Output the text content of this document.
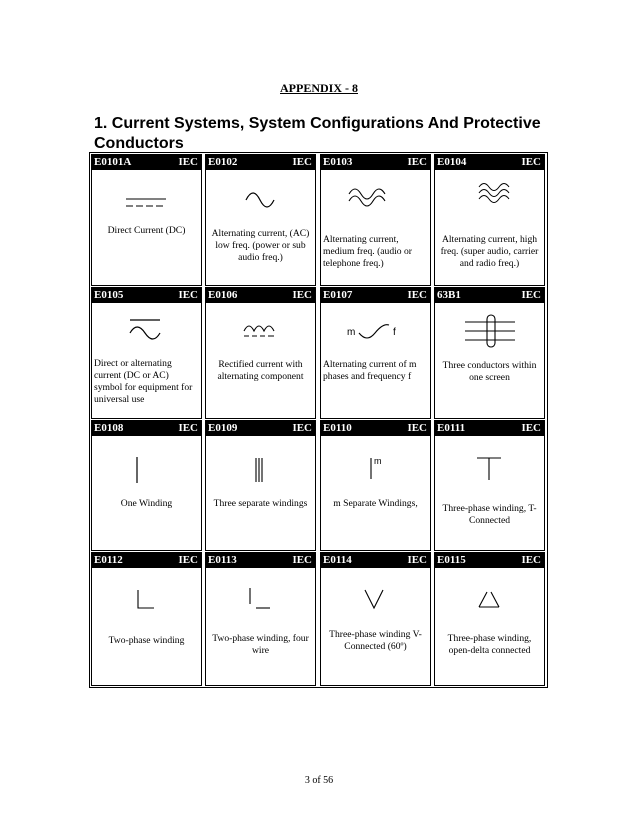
APPENDIX - 8
1. Current Systems, System Configurations And Protective Conductors
E0101A	IEC
Direct Current (DC)
E0102	IEC
Alternating current, (AC) low freq. (power or sub audio freq.)
E0103	IEC
Alternating current, medium freq. (audio or telephone freq.)
E0104	IEC
Alternating current, high freq. (super audio, carrier and radio freq.)
E0105	IEC
Direct or alternating current (DC or AC) symbol for equipment for universal use
E0106	IEC
Rectified current with alternating component
E0107	IEC
m	f
Alternating current of m phases and frequency f
63B1	IEC
Three conductors within one screen
E0108	IEC
One Winding
E0109	IEC
Three separate windings
E0110	IEC
m
m Separate Windings,
E0111	IEC
Three-phase winding, T-Connected
E0112	IEC
Two-phase winding
E0113	IEC
Two-phase winding, four wire
E0114	IEC
Three-phase winding V-Connected (60º)
E0115	IEC
Three-phase winding, open-delta connected
3 of 56
